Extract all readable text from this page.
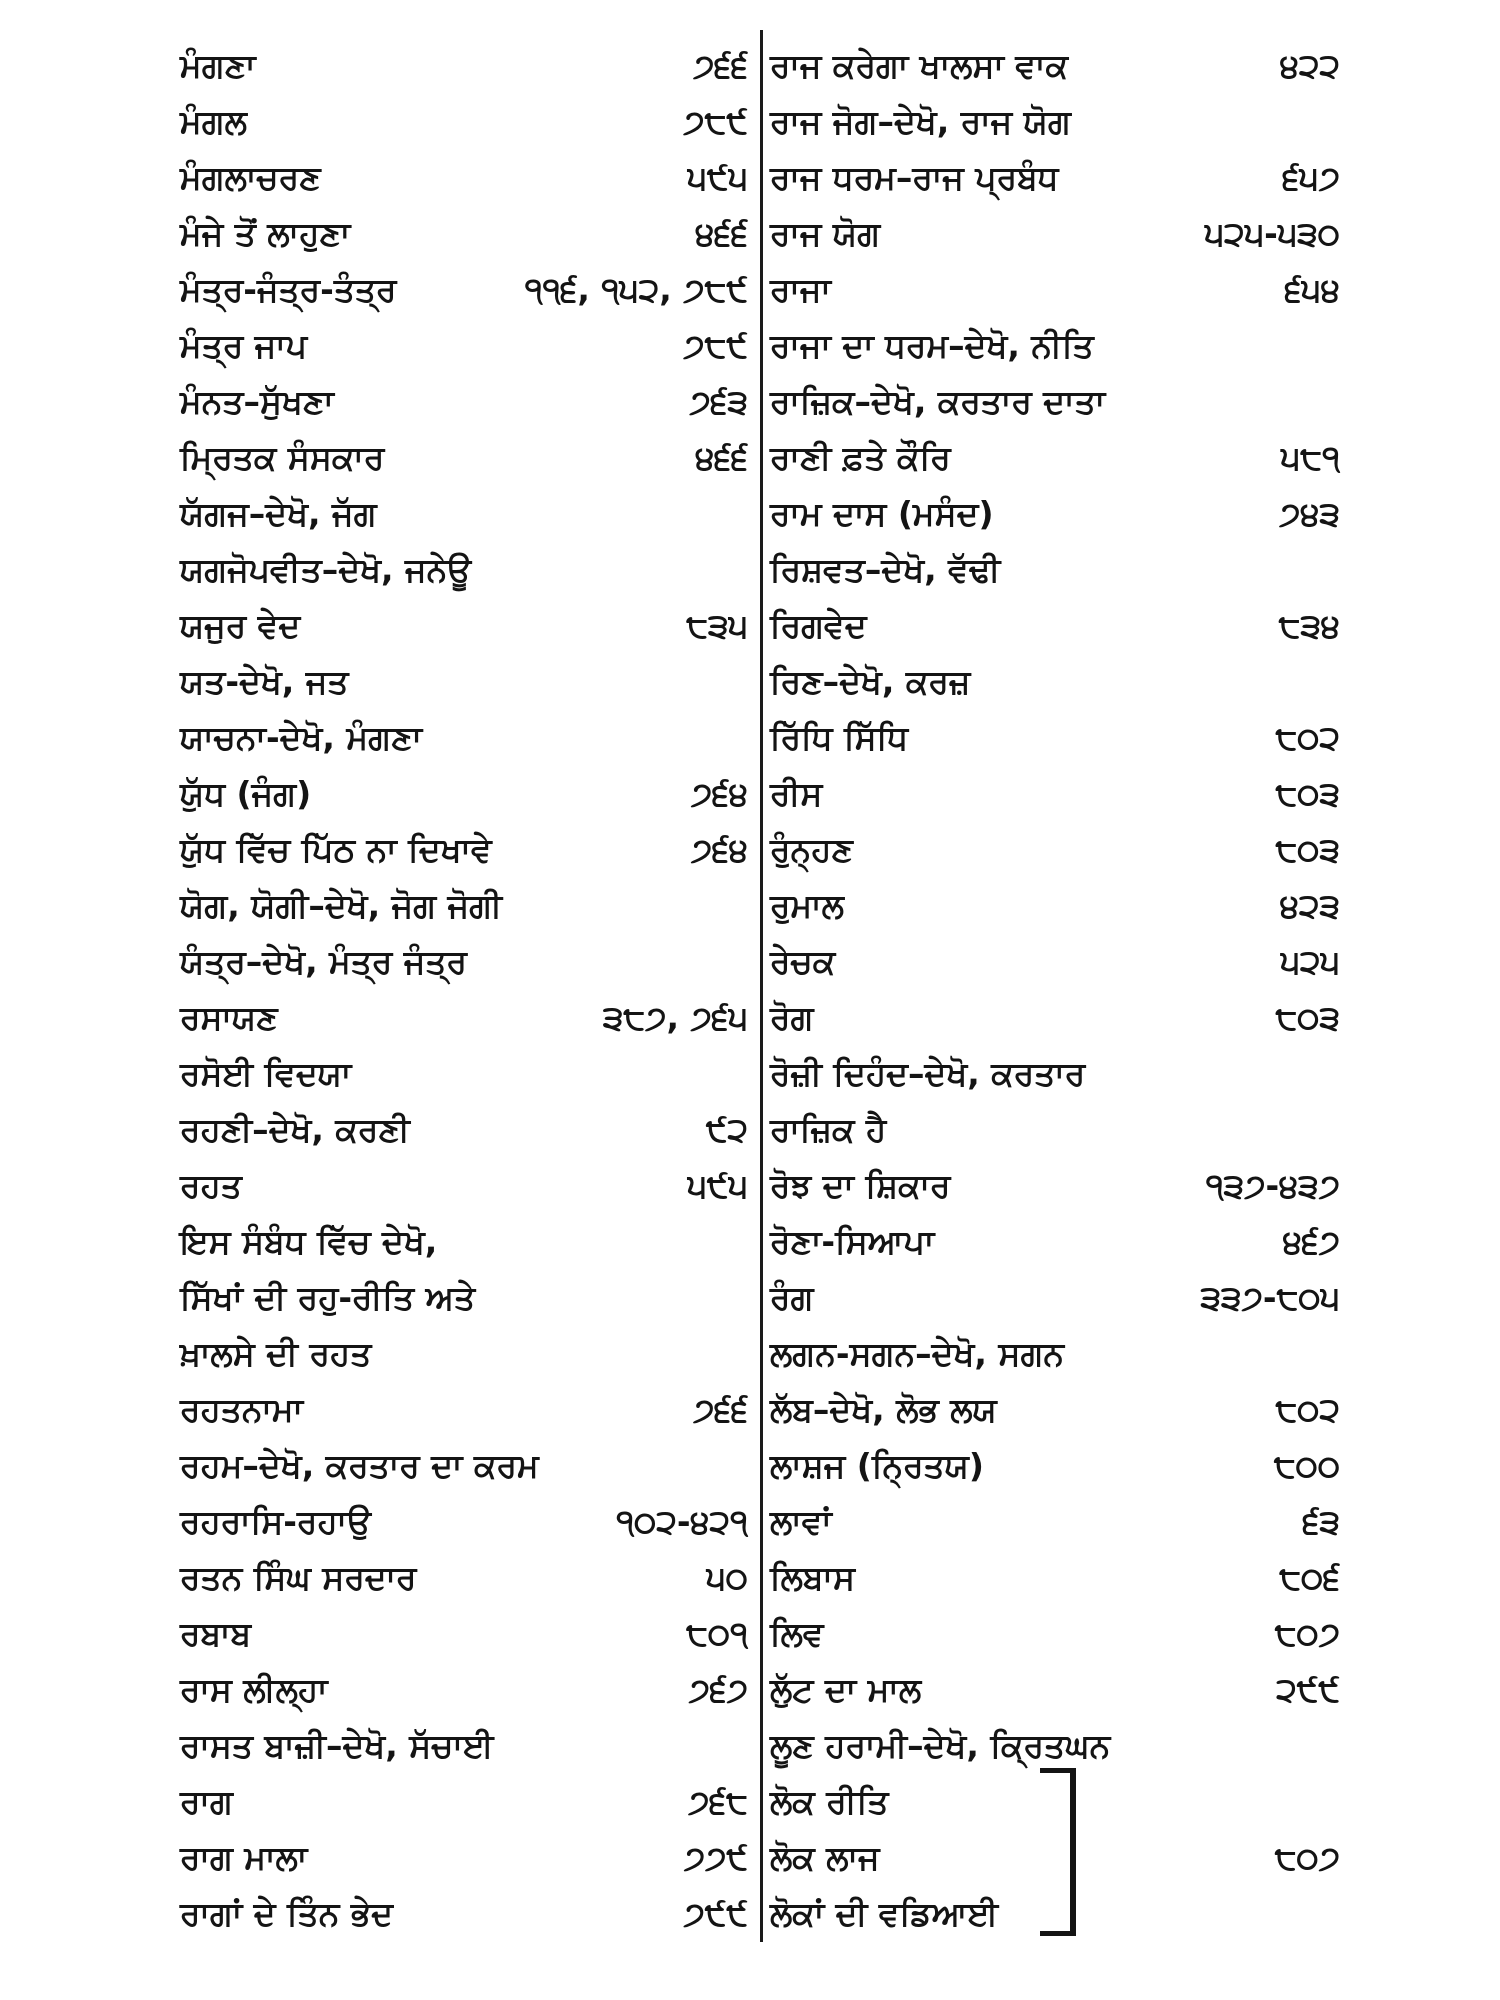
ਮੰਗਣਾ	੭੬੬
ਮੰਗਲ	੭੮੯
ਮੰਗਲਾਚਰਣ	੫੯੫
ਮੰਜੇ ਤੋਂ ਲਾਹੁਣਾ	੪੬੬
ਮੰਤ੍ਰ-ਜੰਤ੍ਰ-ਤੰਤ੍ਰ	੧੧੬, ੧੫੨, ੭੮੯
ਮੰਤ੍ਰ ਜਾਪ	੭੮੯
ਮੰਨਤ–ਸੁੱਖਣਾ	੭੬੩
ਮ੍ਰਿਤਕ ਸੰਸਕਾਰ	੪੬੬
ਯੱਗਜ–ਦੇਖੋ, ਜੱਗ
ਯਗਜੋਪਵੀਤ–ਦੇਖੋ, ਜਨੇਊ
ਯਜੁਰ ਵੇਦ	੮੩੫
ਯਤ-ਦੇਖੋ, ਜਤ
ਯਾਚਨਾ-ਦੇਖੋ, ਮੰਗਣਾ
ਯੁੱਧ (ਜੰਗ)	੭੬੪
ਯੁੱਧ ਵਿੱਚ ਪਿੱਠ ਨਾ ਦਿਖਾਵੇ	੭੬੪
ਯੋਗ, ਯੋਗੀ–ਦੇਖੋ, ਜੋਗ ਜੋਗੀ
ਯੰਤ੍ਰ–ਦੇਖੋ, ਮੰਤ੍ਰ ਜੰਤ੍ਰ
ਰਸਾਯਣ	੩੮੭, ੭੬੫
ਰਸੋਈ ਵਿਦਯਾ
ਰਹਣੀ–ਦੇਖੋ, ਕਰਣੀ	੯੨
ਰਹਤ	੫੯੫
ਇਸ ਸੰਬੰਧ ਵਿੱਚ ਦੇਖੋ,
ਸਿੱਖਾਂ ਦੀ ਰਹੁ-ਰੀਤਿ ਅਤੇ
ਖ਼ਾਲਸੇ ਦੀ ਰਹਤ
ਰਹਤਨਾਮਾ	੭੬੬
ਰਹਮ–ਦੇਖੋ, ਕਰਤਾਰ ਦਾ ਕਰਮ
ਰਹਰਾਸਿ-ਰਹਾਉ	੧੦੨-੪੨੧
ਰਤਨ ਸਿੰਘ ਸਰਦਾਰ	੫੦
ਰਬਾਬ	੮੦੧
ਰਾਸ ਲੀਲ੍ਹਾ	੭੬੭
ਰਾਸਤ ਬਾਜ਼ੀ–ਦੇਖੋ, ਸੱਚਾਈ
ਰਾਗ	੭੬੮
ਰਾਗ ਮਾਲਾ	੭੭੯
ਰਾਗਾਂ ਦੇ ਤਿੰਨ ਭੇਦ	੭੯੯
ਰਾਜ ਕਰੇਗਾ ਖਾਲਸਾ ਵਾਕ	੪੨੨
ਰਾਜ ਜੋਗ–ਦੇਖੋ, ਰਾਜ ਯੋਗ
ਰਾਜ ਧਰਮ–ਰਾਜ ਪ੍ਰਬੰਧ	੬੫੭
ਰਾਜ ਯੋਗ	੫੨੫-੫੩੦
ਰਾਜਾ	੬੫੪
ਰਾਜਾ ਦਾ ਧਰਮ–ਦੇਖੋ, ਨੀਤਿ
ਰਾਜ਼ਿਕ–ਦੇਖੋ, ਕਰਤਾਰ ਦਾਤਾ
ਰਾਣੀ ਫ਼ਤੇ ਕੌਰਿ	੫੮੧
ਰਾਮ ਦਾਸ (ਮਸੰਦ)	੭੪੩
ਰਿਸ਼ਵਤ–ਦੇਖੋ, ਵੱਢੀ
ਰਿਗਵੇਦ	੮੩੪
ਰਿਣ–ਦੇਖੋ, ਕਰਜ਼
ਰਿੱਧਿ ਸਿੱਧਿ	੮੦੨
ਰੀਸ	੮੦੩
ਰੁੰਨ੍ਹਣ	੮੦੩
ਰੁਮਾਲ	੪੨੩
ਰੇਚਕ	੫੨੫
ਰੋਗ	੮੦੩
ਰੋਜ਼ੀ ਦਿਹੰਦ–ਦੇਖੋ, ਕਰਤਾਰ
ਰਾਜ਼ਿਕ ਹੈ
ਰੋਝ ਦਾ ਸ਼ਿਕਾਰ	੧੩੭-੪੩੭
ਰੋਣਾ-ਸਿਆਪਾ	੪੬੭
ਰੰਗ	੩੩੭-੮੦੫
ਲਗਨ-ਸਗਨ–ਦੇਖੋ, ਸਗਨ
ਲੱਬ–ਦੇਖੋ, ਲੋਭ ਲਯ	੮੦੨
ਲਾਸ਼ਜ (ਨ੍ਰਿਤਯ)	੮੦੦
ਲਾਵਾਂ	੬੩
ਲਿਬਾਸ	੮੦੬
ਲਿਵ	੮੦੭
ਲੁੱਟ ਦਾ ਮਾਲ	੨੯੯
ਲੂਣ ਹਰਾਮੀ–ਦੇਖੋ, ਕ੍ਰਿਤਘਨ
ਲੋਕ ਰੀਤਿ
ਲੋਕ ਲਾਜ	੮੦੭
ਲੋਕਾਂ ਦੀ ਵਡਿਆਈ
